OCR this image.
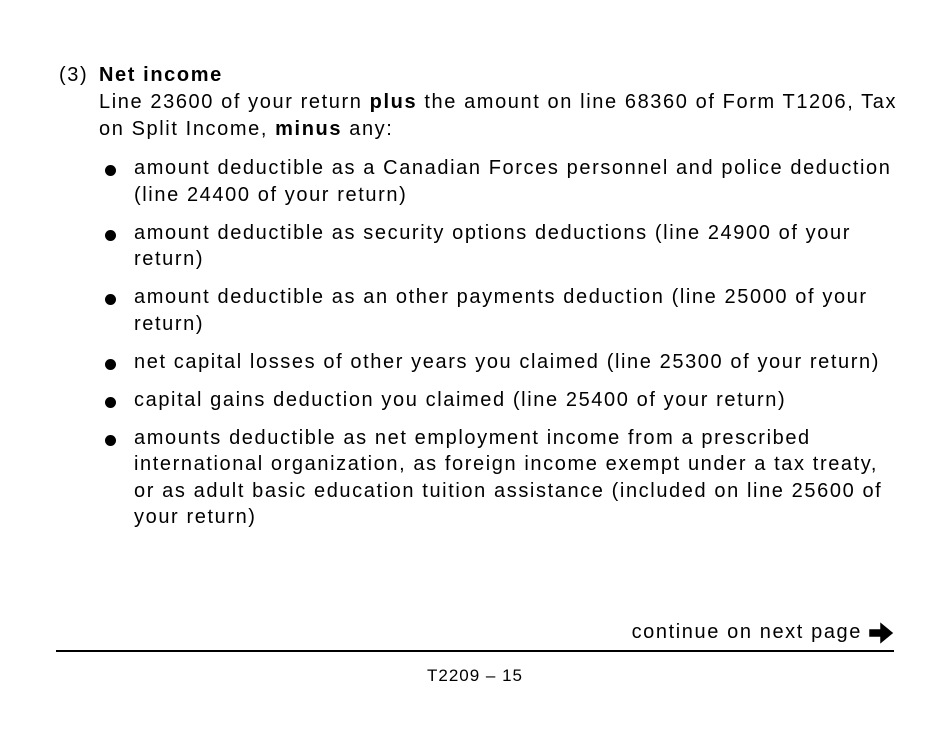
(3) Net income
Line 23600 of your return plus the amount on line 68360 of Form T1206, Tax on Split Income, minus any:
amount deductible as a Canadian Forces personnel and police deduction (line 24400 of your return)
amount deductible as security options deductions (line 24900 of your return)
amount deductible as an other payments deduction (line 25000 of your return)
net capital losses of other years you claimed (line 25300 of your return)
capital gains deduction you claimed (line 25400 of your return)
amounts deductible as net employment income from a prescribed international organization, as foreign income exempt under a tax treaty, or as adult basic education tuition assistance (included on line 25600 of your return)
continue on next page
T2209 – 15
